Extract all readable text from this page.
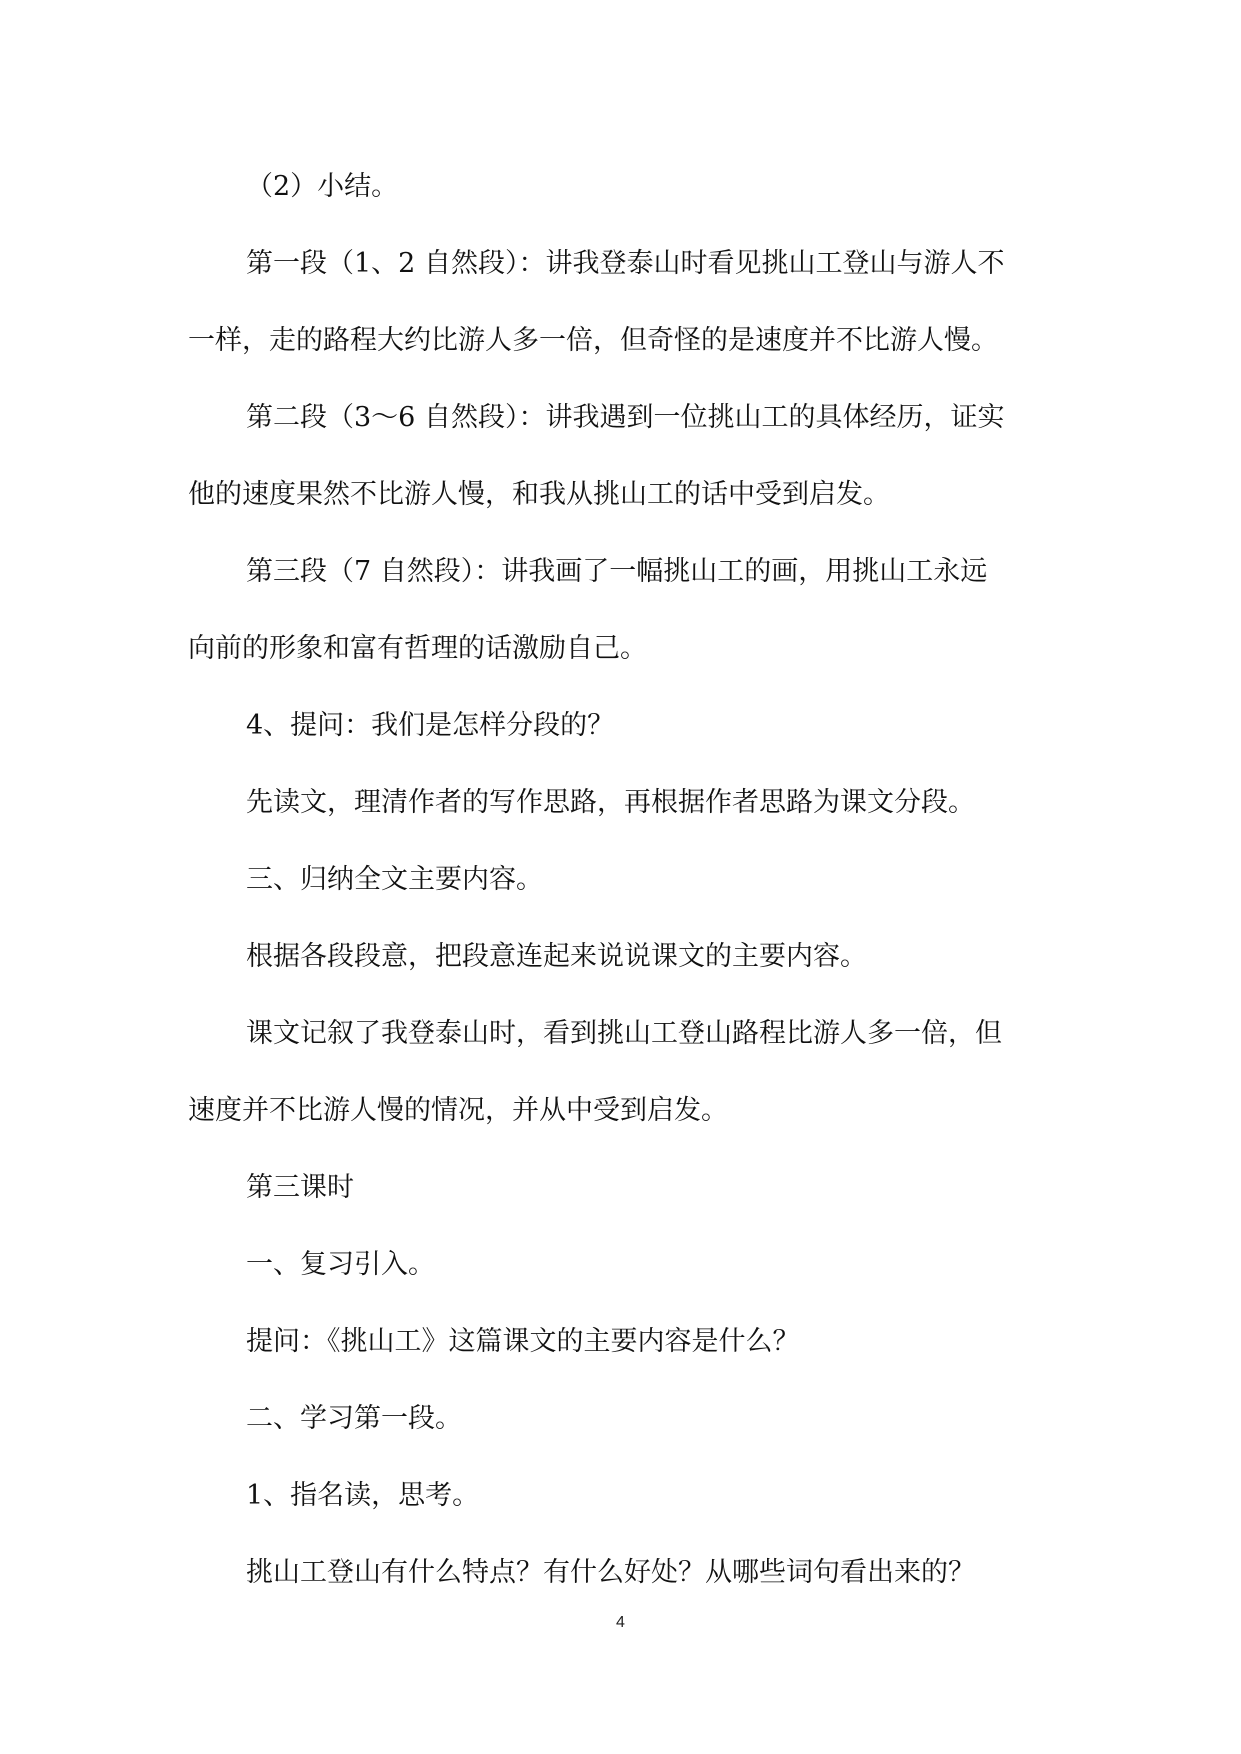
（2）小结。

第一段（1、2 自然段）：讲我登泰山时看见挑山工登山与游人不

一样，走的路程大约比游人多一倍，但奇怪的是速度并不比游人慢。

第二段（3～6 自然段）：讲我遇到一位挑山工的具体经历，证实

他的速度果然不比游人慢，和我从挑山工的话中受到启发。

第三段（7 自然段）：讲我画了一幅挑山工的画，用挑山工永远

向前的形象和富有哲理的话激励自己。

4、提问：我们是怎样分段的？

先读文，理清作者的写作思路，再根据作者思路为课文分段。

三、归纳全文主要内容。

根据各段段意，把段意连起来说说课文的主要内容。

课文记叙了我登泰山时，看到挑山工登山路程比游人多一倍，但

速度并不比游人慢的情况，并从中受到启发。

第三课时

一、复习引入。

提问：《挑山工》这篇课文的主要内容是什么？

二、学习第一段。

1、指名读，思考。

挑山工登山有什么特点？有什么好处？从哪些词句看出来的？

4
